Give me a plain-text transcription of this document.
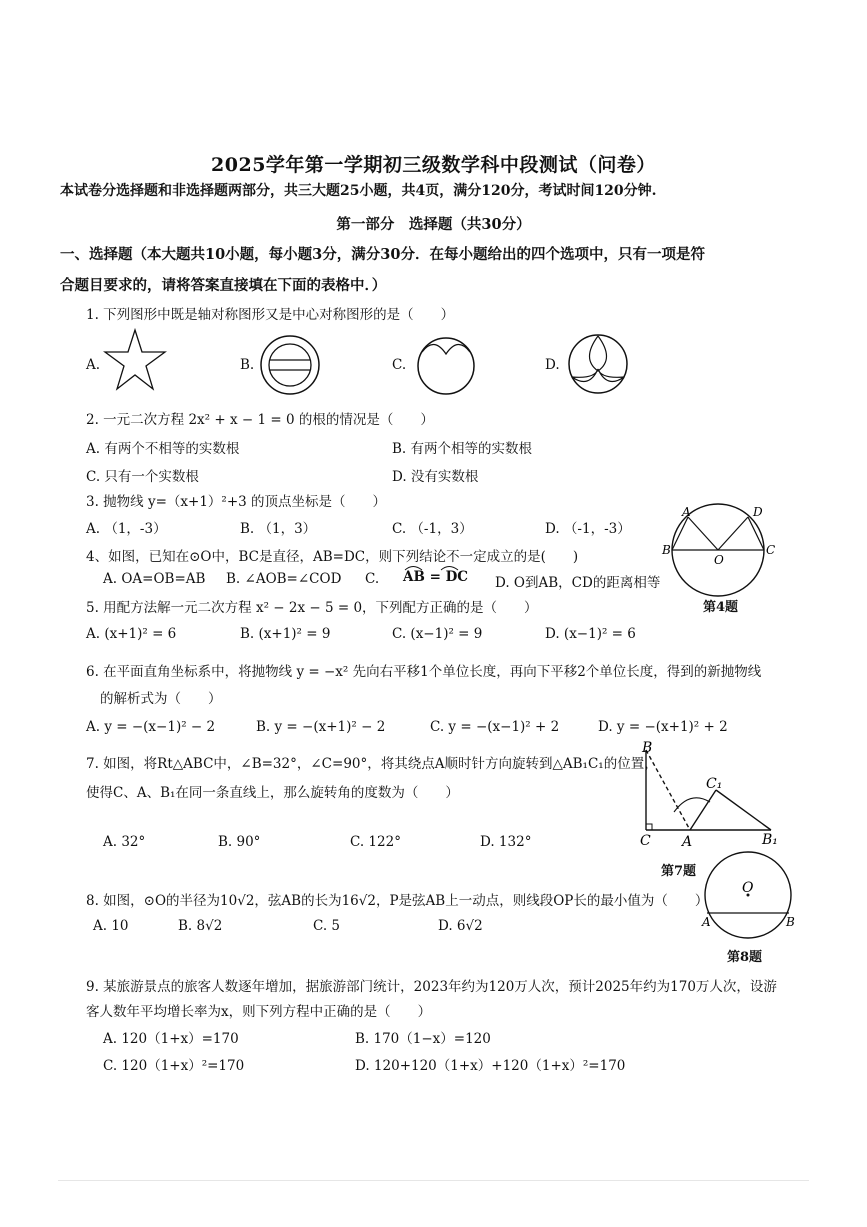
2025学年第一学期初三级数学科中段测试（问卷）
本试卷分选择题和非选择题两部分，共三大题25小题，共4页，满分120分，考试时间120分钟.
第一部分　选择题（共30分）
一、选择题（本大题共10小题，每小题3分，满分30分．在每小题给出的四个选项中，只有一项是符
合题目要求的，请将答案直接填在下面的表格中．）
1. 下列图形中既是轴对称图形又是中心对称图形的是（　　）
A.	B.	C.	D.
2. 一元二次方程 2x² + x − 1 = 0 的根的情况是（　　）
A. 有两个不相等的实数根	B. 有两个相等的实数根
C. 只有一个实数根	D. 没有实数根
3. 抛物线 y=（x+1）²+3 的顶点坐标是（　　）
A. （1，-3）	B. （1，3）	C. （-1，3）	D. （-1，-3）
4、如图，已知在⊙O中，BC是直径，AB=DC，则下列结论不一定成立的是(　　)
A. OA=OB=AB B. ∠AOB=∠COD C. AB = DC D. O到AB，CD的距离相等
A	D
B	C
O
第4题
5. 用配方法解一元二次方程 x² − 2x − 5 = 0，下列配方正确的是（　　）
A. (x+1)² = 6	B. (x+1)² = 9	C. (x−1)² = 9	D. (x−1)² = 6
6. 在平面直角坐标系中，将抛物线 y = −x² 先向右平移1个单位长度，再向下平移2个单位长度，得到的新抛物线
的解析式为（　　）
A. y = −(x−1)² − 2	B. y = −(x+1)² − 2	C. y = −(x−1)² + 2	D. y = −(x+1)² + 2
7. 如图，将Rt△ABC中，∠B=32°，∠C=90°，将其绕点A顺时针方向旋转到△AB₁C₁的位置，
使得C、A、B₁在同一条直线上，那么旋转角的度数为（　　）
A. 32°	B. 90°	C. 122°	D. 132°
B
C₁
C A	B₁
第7题
8. 如图，⊙O的半径为10√2，弦AB的长为16√2，P是弦AB上一动点，则线段OP长的最小值为（　　）
A. 10	B. 8√2	C. 5	D. 6√2
O
A	B
第8题
9. 某旅游景点的旅客人数逐年增加，据旅游部门统计，2023年约为120万人次，预计2025年约为170万人次，设游
客人数年平均增长率为x，则下列方程中正确的是（　　）
A. 120（1+x）=170	B. 170（1−x）=120
C. 120（1+x）²=170	D. 120+120（1+x）+120（1+x）²=170
